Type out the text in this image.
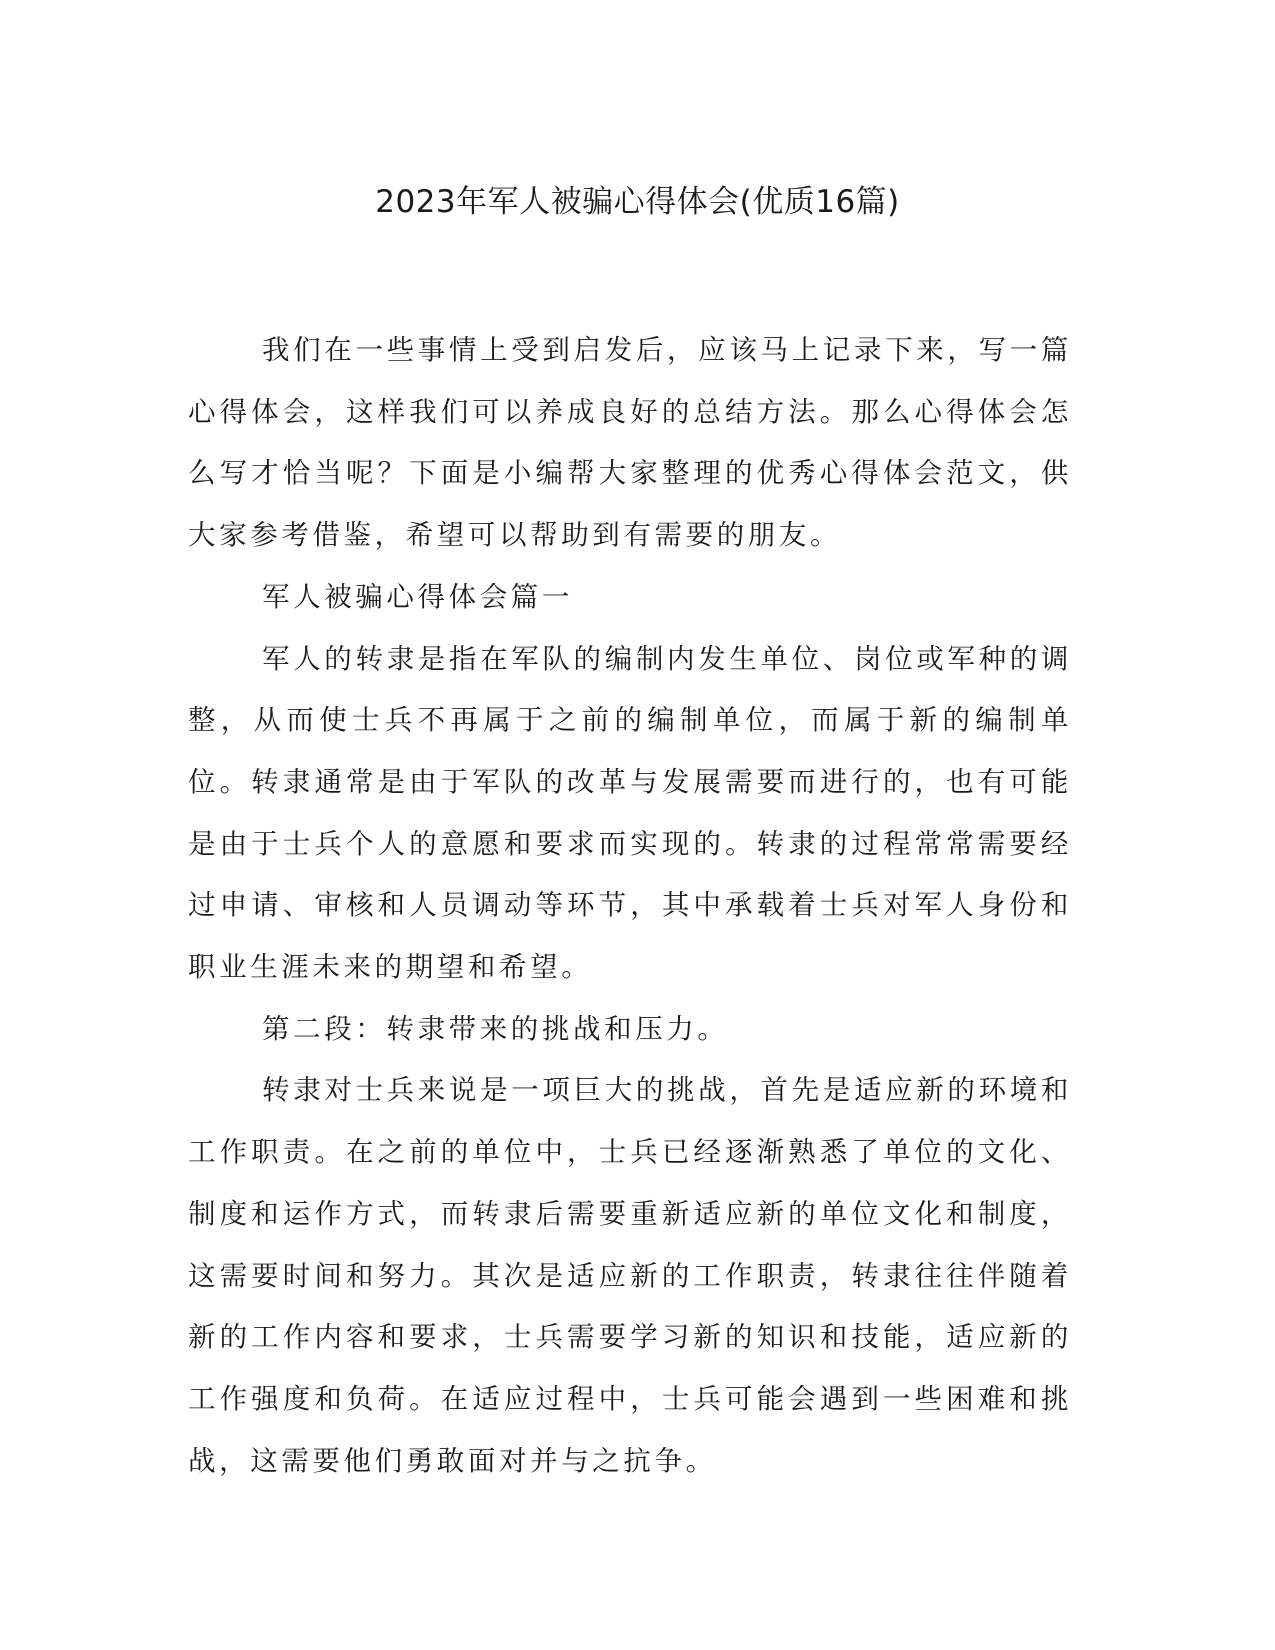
2023年军人被骗心得体会(优质16篇)

我们在一些事情上受到启发后，应该马上记录下来，写一篇心得体会，这样我们可以养成良好的总结方法。那么心得体会怎么写才恰当呢？下面是小编帮大家整理的优秀心得体会范文，供大家参考借鉴，希望可以帮助到有需要的朋友。

军人被骗心得体会篇一

军人的转隶是指在军队的编制内发生单位、岗位或军种的调整，从而使士兵不再属于之前的编制单位，而属于新的编制单位。转隶通常是由于军队的改革与发展需要而进行的，也有可能是由于士兵个人的意愿和要求而实现的。转隶的过程常常需要经过申请、审核和人员调动等环节，其中承载着士兵对军人身份和职业生涯未来的期望和希望。

第二段：转隶带来的挑战和压力。

转隶对士兵来说是一项巨大的挑战，首先是适应新的环境和工作职责。在之前的单位中，士兵已经逐渐熟悉了单位的文化、制度和运作方式，而转隶后需要重新适应新的单位文化和制度，这需要时间和努力。其次是适应新的工作职责，转隶往往伴随着新的工作内容和要求，士兵需要学习新的知识和技能，适应新的工作强度和负荷。在适应过程中，士兵可能会遇到一些困难和挑战，这需要他们勇敢面对并与之抗争。
